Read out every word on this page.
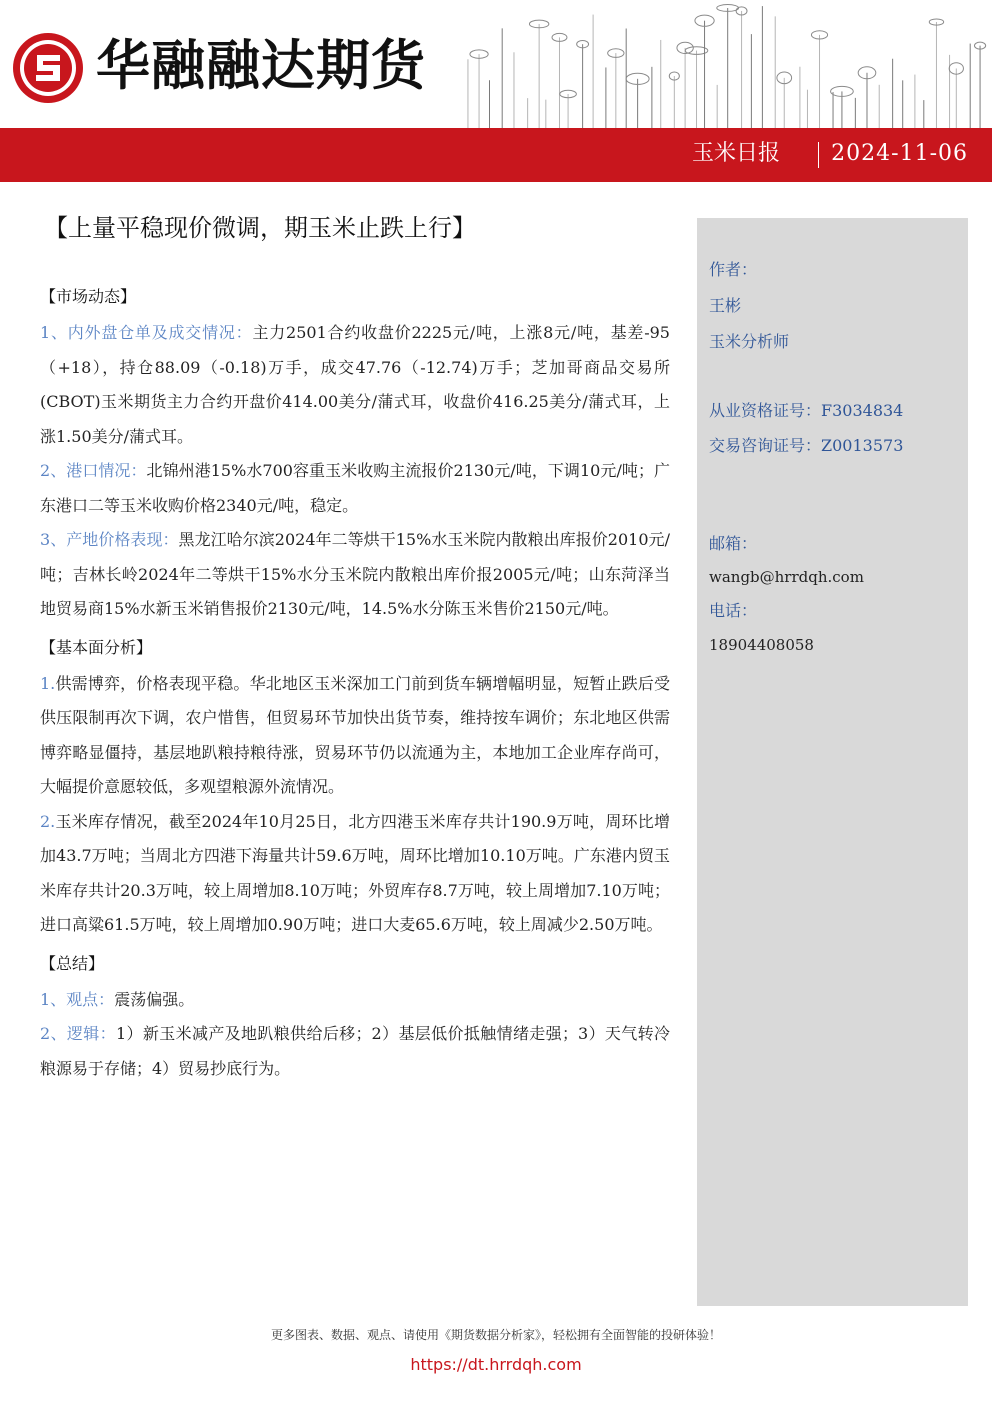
华融融达期货
玉米日报 2024-11-06
【上量平稳现价微调，期玉米止跌上行】
【市场动态】

1、内外盘仓单及成交情况：主力2501合约收盘价2225元/吨，上涨8元/吨，基差-95（+18），持仓88.09（-0.18)万手，成交47.76（-12.74)万手；芝加哥商品交易所(CBOT)玉米期货主力合约开盘价414.00美分/蒲式耳，收盘价416.25美分/蒲式耳，上涨1.50美分/蒲式耳。

2、港口情况：北锦州港15%水700容重玉米收购主流报价2130元/吨，下调10元/吨；广东港口二等玉米收购价格2340元/吨，稳定。

3、产地价格表现：黑龙江哈尔滨2024年二等烘干15%水玉米院内散粮出库报价2010元/吨；吉林长岭2024年二等烘干15%水分玉米院内散粮出库价报2005元/吨；山东菏泽当地贸易商15%水新玉米销售报价2130元/吨，14.5%水分陈玉米售价2150元/吨。

【基本面分析】

1.供需博弈，价格表现平稳。华北地区玉米深加工门前到货车辆增幅明显，短暂止跌后受供压限制再次下调，农户惜售，但贸易环节加快出货节奏，维持按车调价；东北地区供需博弈略显僵持，基层地趴粮持粮待涨，贸易环节仍以流通为主，本地加工企业库存尚可，大幅提价意愿较低，多观望粮源外流情况。

2.玉米库存情况，截至2024年10月25日，北方四港玉米库存共计190.9万吨，周环比增加43.7万吨；当周北方四港下海量共计59.6万吨，周环比增加10.10万吨。广东港内贸玉米库存共计20.3万吨，较上周增加8.10万吨；外贸库存8.7万吨，较上周增加7.10万吨；进口高粱61.5万吨，较上周增加0.90万吨；进口大麦65.6万吨，较上周减少2.50万吨。

【总结】

1、观点：震荡偏强。

2、逻辑：1）新玉米减产及地趴粮供给后移；2）基层低价抵触情绪走强；3）天气转冷粮源易于存储；4）贸易抄底行为。

作者：
王彬
玉米分析师
从业资格证号：F3034834
交易咨询证号：Z0013573
邮箱：
wangb@hrrdqh.com
电话：
18904408058
更多图表、数据、观点、请使用《期货数据分析家》，轻松拥有全面智能的投研体验！
https://dt.hrrdqh.com
